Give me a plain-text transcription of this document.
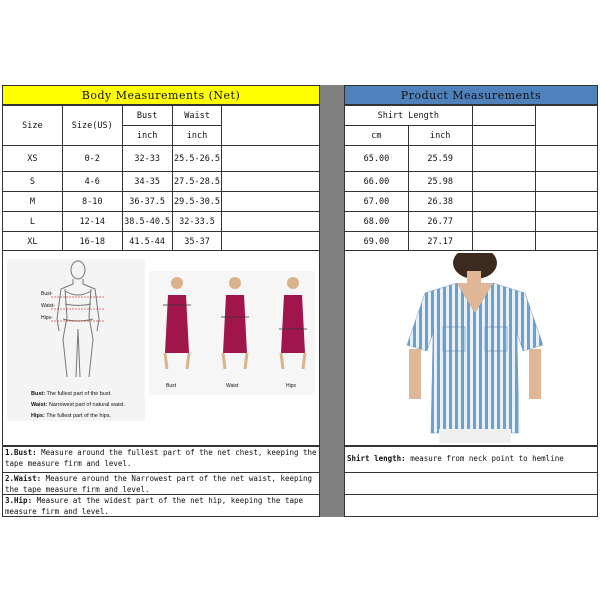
Body Measurements (Net)	Product Measurements
Size	Size(US)	Bust	Waist	
		inch	inch	
XS	0-2	32-33	25.5-26.5	
S	4-6	34-35	27.5-28.5	
M	8-10	36-37.5	29.5-30.5	
L	12-14	38.5-40.5	32-33.5	
XL	16-18	41.5-44	35-37	

Shirt Length			
cm	inch		
65.00	25.59		
66.00	25.98		
67.00	26.38		
68.00	26.77		
69.00	27.17		

Bust-
Waist-
Hips-
Bust: The fullest part of the bust.
Waist: Narrowest part of natural waist.
Hips: The fullest part of the hips.
Bust	Waist	Hips
1.Bust: Measure around the fullest part of the net chest, keeping the tape measure firm and level.
2.Waist: Measure around the Narrowest part of the net waist, keeping the tape measure firm and level.
3.Hip: Measure at the widest part of the net hip, keeping the tape measure firm and level.
Shirt length: measure from neck point to hemline
